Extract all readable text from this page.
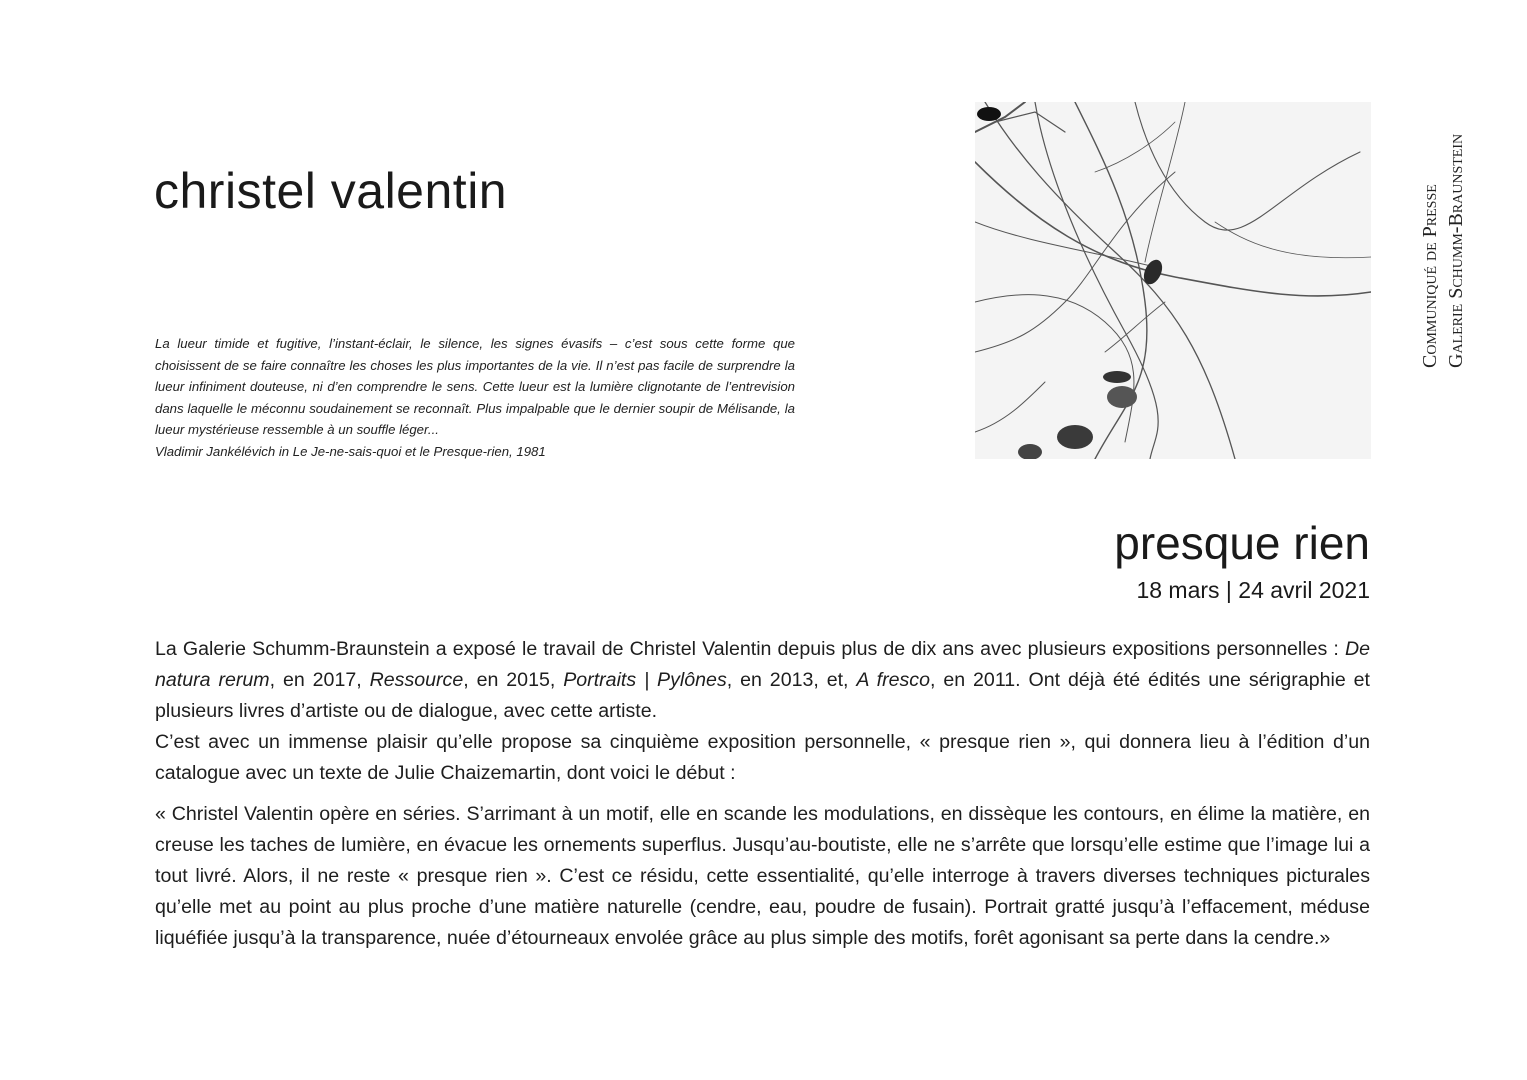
christel valentin

La lueur timide et fugitive, l’instant-éclair, le silence, les signes évasifs – c’est sous cette forme que choisissent de se faire connaître les choses les plus importantes de la vie. Il n’est pas facile de surprendre la lueur infiniment douteuse, ni d’en comprendre le sens. Cette lueur est la lumière clignotante de l’entrevision dans laquelle le méconnu soudainement se reconnaît. Plus impalpable que le dernier soupir de Mélisande, la lueur mystérieuse ressemble à un souffle léger...

Vladimir Jankélévich in Le Je-ne-sais-quoi et le Presque-rien, 1981

Communiqué de Presse Galerie Schumm-Braunstein
presque rien
18 mars | 24 avril 2021

La Galerie Schumm-Braunstein a exposé le travail de Christel Valentin depuis plus de dix ans avec plusieurs expositions personnelles : De natura rerum, en 2017, Ressource, en 2015, Portraits | Pylônes, en 2013, et, A fresco, en 2011. Ont déjà été édités une sérigraphie et plusieurs livres d’artiste ou de dialogue, avec cette artiste.

C’est avec un immense plaisir qu’elle propose sa cinquième exposition personnelle, « presque rien », qui donnera lieu à l’édition d’un catalogue avec un texte de Julie Chaizemartin, dont voici le début :

« Christel Valentin opère en séries. S’arrimant à un motif, elle en scande les modulations, en dissèque les contours, en élime la matière, en creuse les taches de lumière, en évacue les ornements superflus. Jusqu’au-boutiste, elle ne s’arrête que lorsqu’elle estime que l’image lui a tout livré. Alors, il ne reste « presque rien ». C’est ce résidu, cette essentialité, qu’elle interroge à travers diverses techniques picturales qu’elle met au point au plus proche d’une matière naturelle (cendre, eau, poudre de fusain). Portrait gratté jusqu’à l’effacement, méduse liquéfiée jusqu’à la transparence, nuée d’étourneaux envolée grâce au plus simple des motifs, forêt agonisant sa perte dans la cendre.»
